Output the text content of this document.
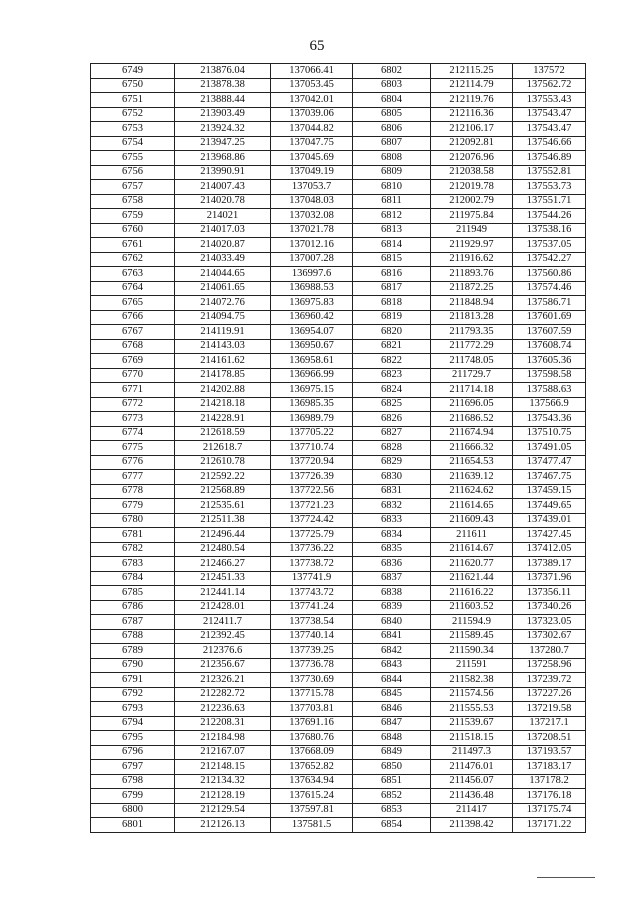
65
6749	213876.04	137066.41	6802	212115.25	137572
6750	213878.38	137053.45	6803	212114.79	137562.72
6751	213888.44	137042.01	6804	212119.76	137553.43
6752	213903.49	137039.06	6805	212116.36	137543.47
6753	213924.32	137044.82	6806	212106.17	137543.47
6754	213947.25	137047.75	6807	212092.81	137546.66
6755	213968.86	137045.69	6808	212076.96	137546.89
6756	213990.91	137049.19	6809	212038.58	137552.81
6757	214007.43	137053.7	6810	212019.78	137553.73
6758	214020.78	137048.03	6811	212002.79	137551.71
6759	214021	137032.08	6812	211975.84	137544.26
6760	214017.03	137021.78	6813	211949	137538.16
6761	214020.87	137012.16	6814	211929.97	137537.05
6762	214033.49	137007.28	6815	211916.62	137542.27
6763	214044.65	136997.6	6816	211893.76	137560.86
6764	214061.65	136988.53	6817	211872.25	137574.46
6765	214072.76	136975.83	6818	211848.94	137586.71
6766	214094.75	136960.42	6819	211813.28	137601.69
6767	214119.91	136954.07	6820	211793.35	137607.59
6768	214143.03	136950.67	6821	211772.29	137608.74
6769	214161.62	136958.61	6822	211748.05	137605.36
6770	214178.85	136966.99	6823	211729.7	137598.58
6771	214202.88	136975.15	6824	211714.18	137588.63
6772	214218.18	136985.35	6825	211696.05	137566.9
6773	214228.91	136989.79	6826	211686.52	137543.36
6774	212618.59	137705.22	6827	211674.94	137510.75
6775	212618.7	137710.74	6828	211666.32	137491.05
6776	212610.78	137720.94	6829	211654.53	137477.47
6777	212592.22	137726.39	6830	211639.12	137467.75
6778	212568.89	137722.56	6831	211624.62	137459.15
6779	212535.61	137721.23	6832	211614.65	137449.65
6780	212511.38	137724.42	6833	211609.43	137439.01
6781	212496.44	137725.79	6834	211611	137427.45
6782	212480.54	137736.22	6835	211614.67	137412.05
6783	212466.27	137738.72	6836	211620.77	137389.17
6784	212451.33	137741.9	6837	211621.44	137371.96
6785	212441.14	137743.72	6838	211616.22	137356.11
6786	212428.01	137741.24	6839	211603.52	137340.26
6787	212411.7	137738.54	6840	211594.9	137323.05
6788	212392.45	137740.14	6841	211589.45	137302.67
6789	212376.6	137739.25	6842	211590.34	137280.7
6790	212356.67	137736.78	6843	211591	137258.96
6791	212326.21	137730.69	6844	211582.38	137239.72
6792	212282.72	137715.78	6845	211574.56	137227.26
6793	212236.63	137703.81	6846	211555.53	137219.58
6794	212208.31	137691.16	6847	211539.67	137217.1
6795	212184.98	137680.76	6848	211518.15	137208.51
6796	212167.07	137668.09	6849	211497.3	137193.57
6797	212148.15	137652.82	6850	211476.01	137183.17
6798	212134.32	137634.94	6851	211456.07	137178.2
6799	212128.19	137615.24	6852	211436.48	137176.18
6800	212129.54	137597.81	6853	211417	137175.74
6801	212126.13	137581.5	6854	211398.42	137171.22
